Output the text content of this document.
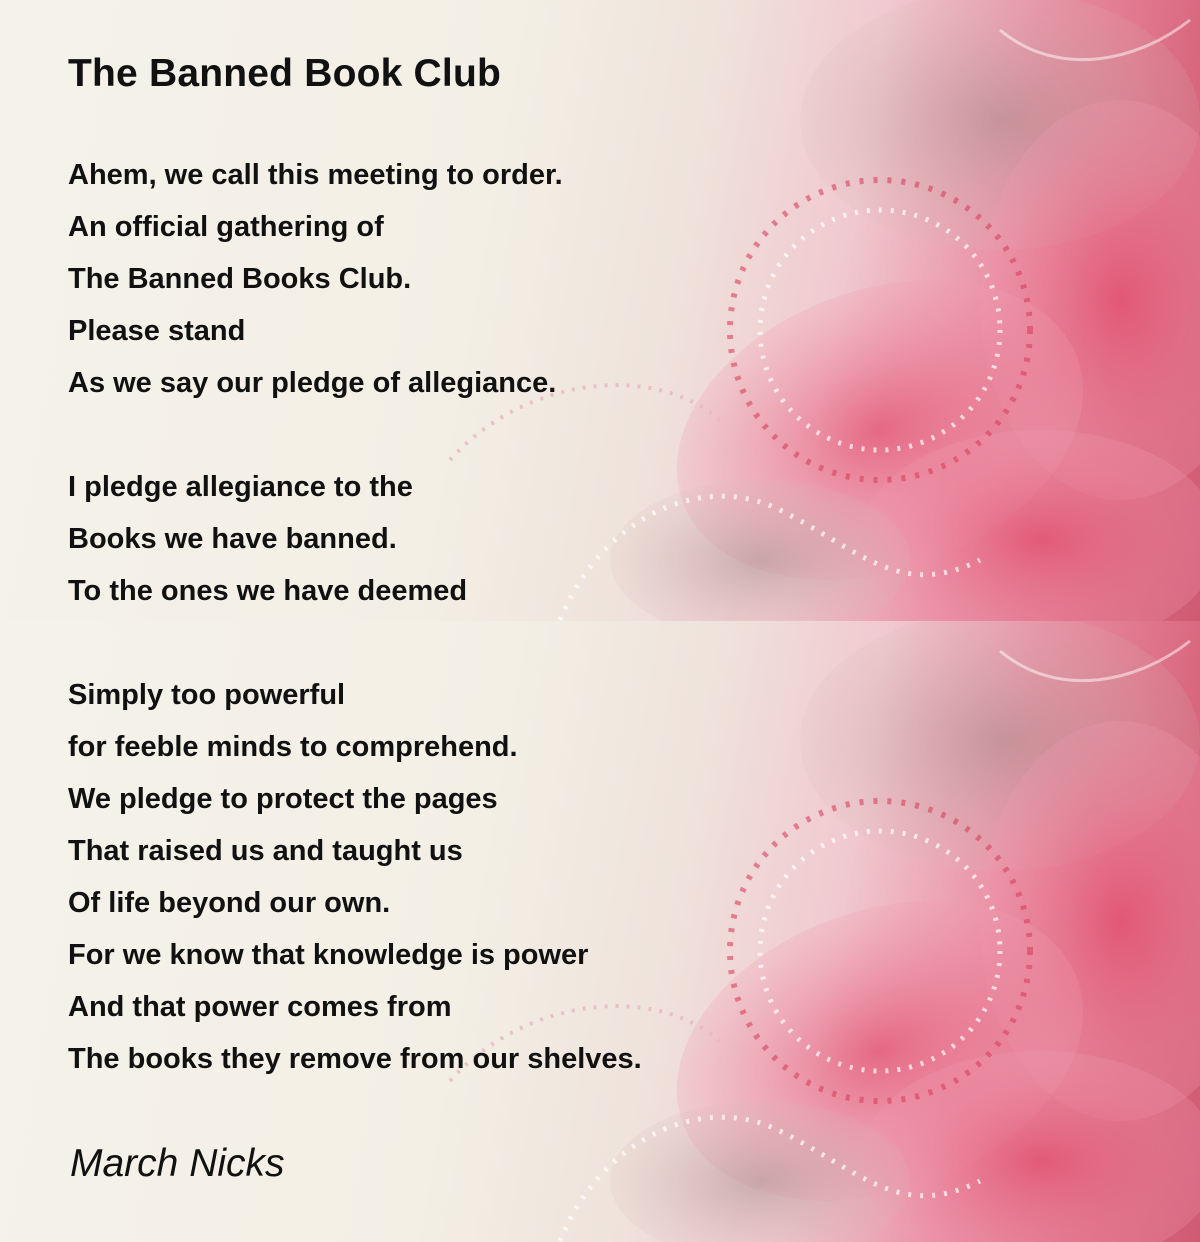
The Banned Book Club
Ahem, we call this meeting to order.
An official gathering of
The Banned Books Club.
Please stand
As we say our pledge of allegiance.
I pledge allegiance to the
Books we have banned.
To the ones we have deemed
Simply too powerful
for feeble minds to comprehend.
We pledge to protect the pages
That raised us and taught us
Of life beyond our own.
For we know that knowledge is power
And that power comes from
The books they remove from our shelves.
March Nicks
